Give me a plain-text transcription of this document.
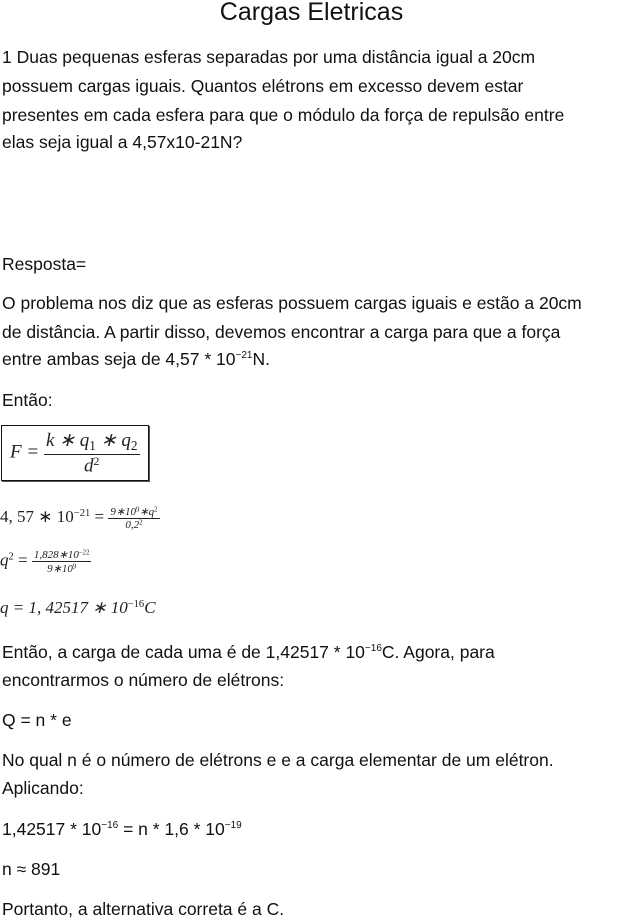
Cargas Eletricas

1 Duas pequenas esferas separadas por uma distância igual a 20cm

possuem cargas iguais. Quantos elétrons em excesso devem estar

presentes em cada esfera para que o módulo da força de repulsão entre

elas seja igual a 4,57x10-21N?

Resposta=

O problema nos diz que as esferas possuem cargas iguais e estão a 20cm

de distância. A partir disso, devemos encontrar a carga para que a força

entre ambas seja de $4,57 * 10^{-21}N$.

Então:

$F = \frac{k ∗ q_1 ∗ q_2}{d^2}$
4, 57 ∗ $10^{-21} = \frac{9∗10^9∗q^2}{0,2^2}$
$q^2 = \frac{1,828∗10^{-22}}{9∗10^9}$
q = 1, 42517 ∗ $10^{-16}C$

Então, a carga de cada uma é de $1,42517 * 10^{-16}C$. Agora, para

encontrarmos o número de elétrons:

Q = n * e

No qual n é o número de elétrons e e a carga elementar de um elétron.

Aplicando:

$1,42517 * 10^{-16} = n * 1,6 * 10^{-19}$

n ≈ 891

Portanto, a alternativa correta é a C.
